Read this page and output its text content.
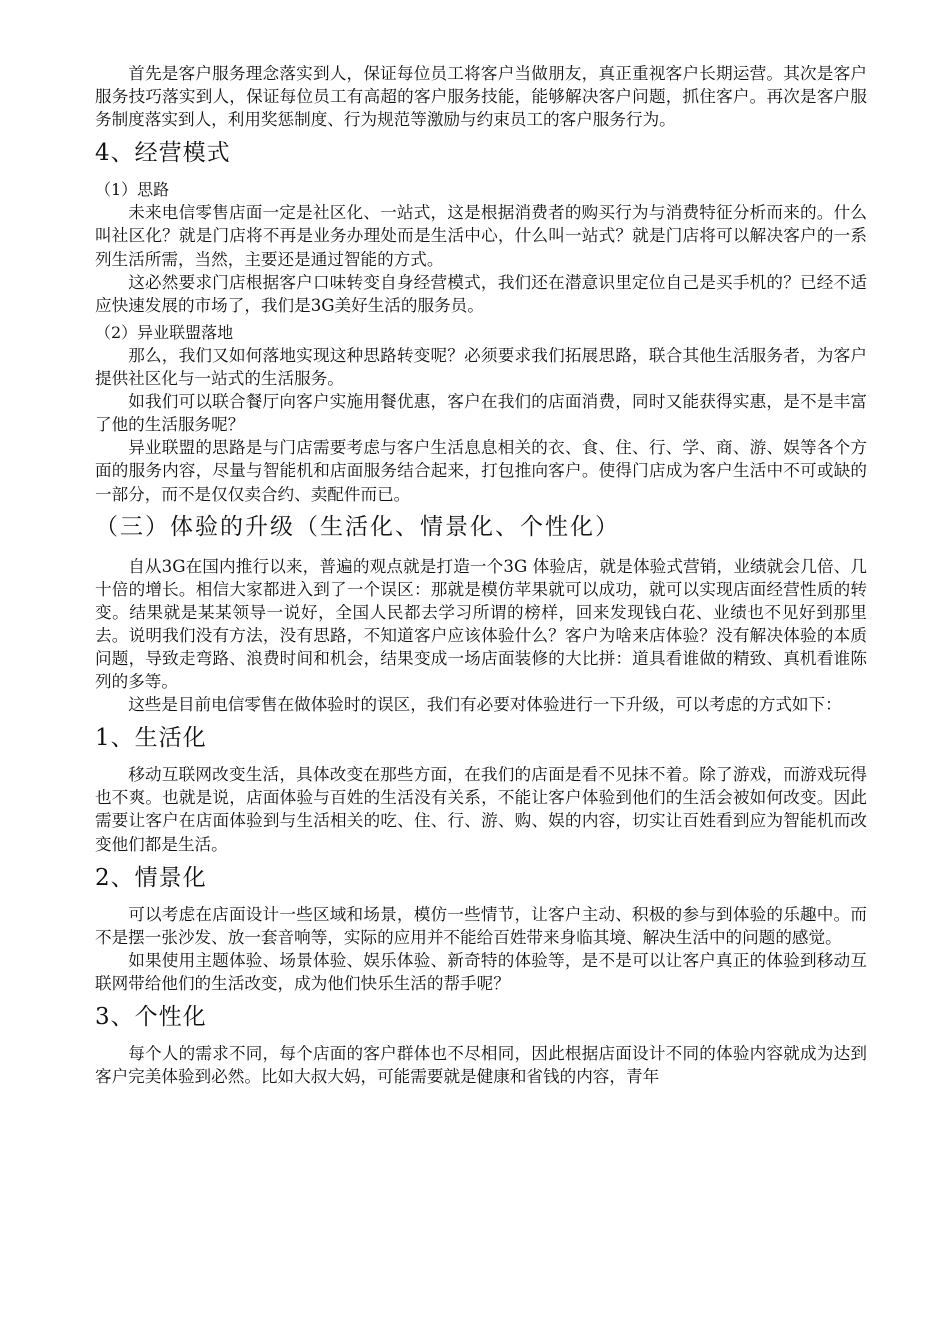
首先是客户服务理念落实到人，保证每位员工将客户当做朋友，真正重视客户长期运营。其次是客户服务技巧落实到人，保证每位员工有高超的客户服务技能，能够解决客户问题，抓住客户。再次是客户服务制度落实到人，利用奖惩制度、行为规范等激励与约束员工的客户服务行为。

4、经营模式

（1）思路

未来电信零售店面一定是社区化、一站式，这是根据消费者的购买行为与消费特征分析而来的。什么叫社区化？就是门店将不再是业务办理处而是生活中心，什么叫一站式？就是门店将可以解决客户的一系列生活所需，当然，主要还是通过智能的方式。

这必然要求门店根据客户口味转变自身经营模式，我们还在潜意识里定位自己是买手机的？已经不适应快速发展的市场了，我们是3G美好生活的服务员。

（2）异业联盟落地

那么，我们又如何落地实现这种思路转变呢？必须要求我们拓展思路，联合其他生活服务者，为客户提供社区化与一站式的生活服务。

如我们可以联合餐厅向客户实施用餐优惠，客户在我们的店面消费，同时又能获得实惠，是不是丰富了他的生活服务呢？

异业联盟的思路是与门店需要考虑与客户生活息息相关的衣、食、住、行、学、商、游、娱等各个方面的服务内容，尽量与智能机和店面服务结合起来，打包推向客户。使得门店成为客户生活中不可或缺的一部分，而不是仅仅卖合约、卖配件而已。

（三）体验的升级（生活化、情景化、个性化）

自从3G在国内推行以来，普遍的观点就是打造一个3G 体验店，就是体验式营销，业绩就会几倍、几十倍的增长。相信大家都进入到了一个误区：那就是模仿苹果就可以成功，就可以实现店面经营性质的转变。结果就是某某领导一说好，全国人民都去学习所谓的榜样，回来发现钱白花、业绩也不见好到那里去。说明我们没有方法，没有思路，不知道客户应该体验什么？客户为啥来店体验？没有解决体验的本质问题，导致走弯路、浪费时间和机会，结果变成一场店面装修的大比拼：道具看谁做的精致、真机看谁陈列的多等。

这些是目前电信零售在做体验时的误区，我们有必要对体验进行一下升级，可以考虑的方式如下：

1、生活化

移动互联网改变生活，具体改变在那些方面，在我们的店面是看不见抹不着。除了游戏，而游戏玩得也不爽。也就是说，店面体验与百姓的生活没有关系，不能让客户体验到他们的生活会被如何改变。因此需要让客户在店面体验到与生活相关的吃、住、行、游、购、娱的内容，切实让百姓看到应为智能机而改变他们都是生活。

2、情景化

可以考虑在店面设计一些区域和场景，模仿一些情节，让客户主动、积极的参与到体验的乐趣中。而不是摆一张沙发、放一套音响等，实际的应用并不能给百姓带来身临其境、解决生活中的问题的感觉。

如果使用主题体验、场景体验、娱乐体验、新奇特的体验等，是不是可以让客户真正的体验到移动互联网带给他们的生活改变，成为他们快乐生活的帮手呢？

3、个性化

每个人的需求不同，每个店面的客户群体也不尽相同，因此根据店面设计不同的体验内容就成为达到客户完美体验到必然。比如大叔大妈，可能需要就是健康和省钱的内容，青年
